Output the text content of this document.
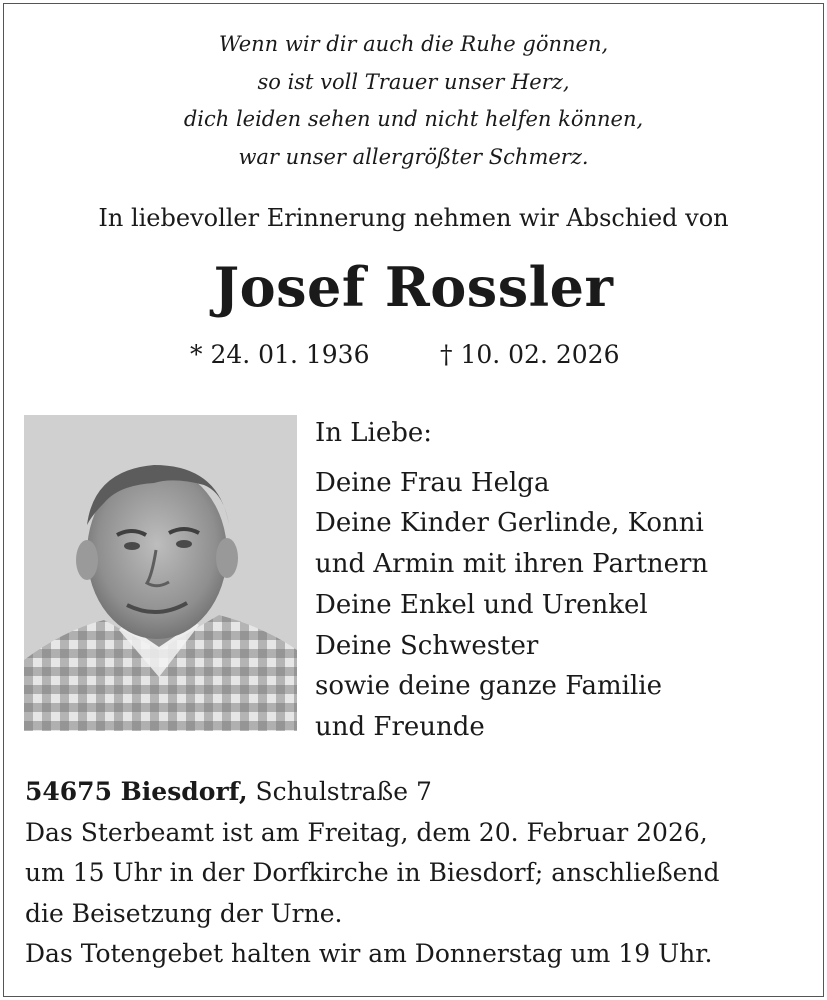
Wenn wir dir auch die Ruhe gönnen,
so ist voll Trauer unser Herz,
dich leiden sehen und nicht helfen können,
war unser allergrößter Schmerz.
In liebevoller Erinnerung nehmen wir Abschied von
Josef Rossler
* 24. 01. 1936	† 10. 02. 2026
In Liebe:
Deine Frau Helga
Deine Kinder Gerlinde, Konni
und Armin mit ihren Partnern
Deine Enkel und Urenkel
Deine Schwester
sowie deine ganze Familie
und Freunde
54675 Biesdorf, Schulstraße 7
Das Sterbeamt ist am Freitag, dem 20. Februar 2026,
um 15 Uhr in der Dorfkirche in Biesdorf; anschließend
die Beisetzung der Urne.
Das Totengebet halten wir am Donnerstag um 19 Uhr.
